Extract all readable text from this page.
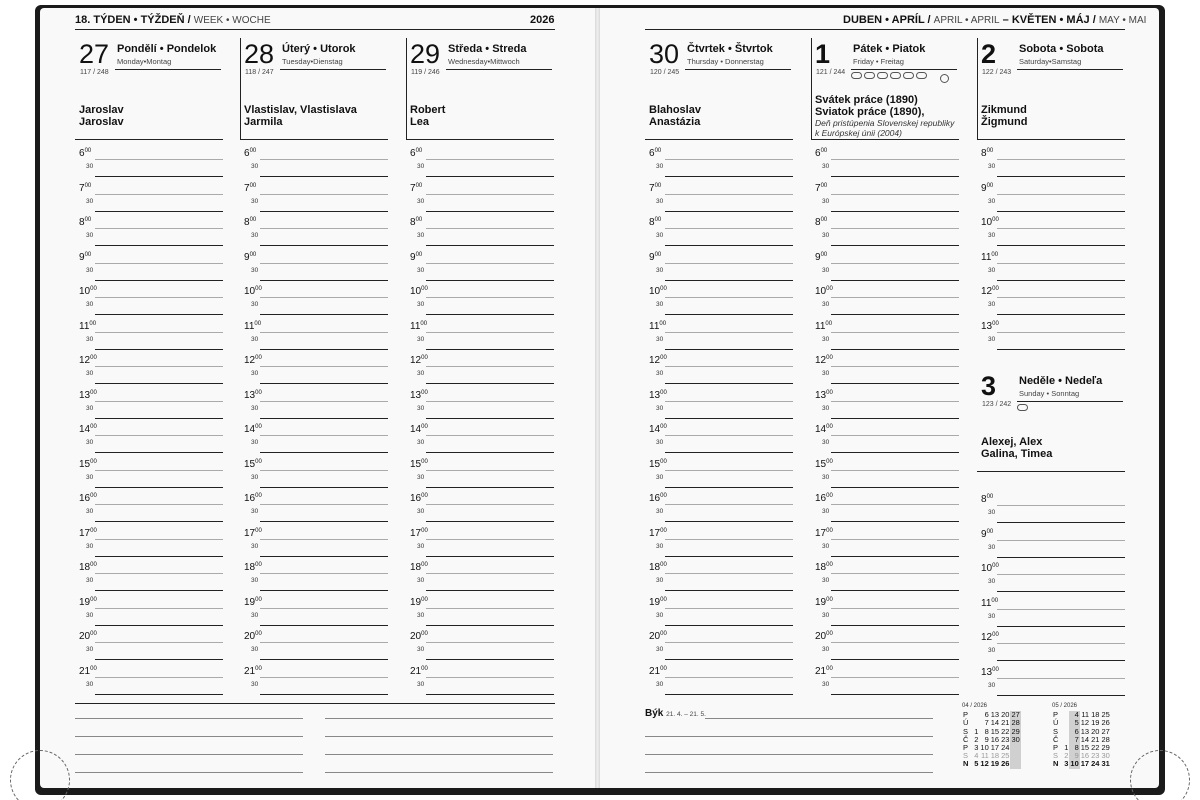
18. TÝDEN • TÝŽDEŇ / WEEK • WOCHE	2026	DUBEN • APRÍL / APRIL • APRIL – KVĚTEN • MÁJ / MAY • MAI
27
117 / 248
Pondělí • Pondelok
Monday•Montag
Jaroslav
Jaroslav
28
118 / 247
Úterý • Utorok
Tuesday•Dienstag
Vlastislav, Vlastislava
Jarmila
29
119 / 246
Středa • Streda
Wednesday•Mittwoch
Robert
Lea
30
120 / 245
Čtvrtek • Štvrtok
Thursday • Donnerstag
Blahoslav
Anastázia
1
121 / 244
Pátek • Piatok
Friday • Freitag
Svátek práce (1890)
Sviatok práce (1890),
Deň pristúpenia Slovenskej republiky k Európskej únii (2004)
2
122 / 243
Sobota • Sobota
Saturday•Samstag
Zikmund
Žigmund
3
123 / 242
Neděle • Nedeľa
Sunday • Sonntag
Alexej, Alex
Galina, Timea
$6^{00}$
30
$7^{00}$
30
$8^{00}$
30
$9^{00}$
30
$10^{00}$
30
$11^{00}$
30
$12^{00}$
30
$13^{00}$
30
$14^{00}$
30
$15^{00}$
30
$16^{00}$
30
$17^{00}$
30
$18^{00}$
30
$19^{00}$
30
$20^{00}$
30
$21^{00}$
30
$6^{00}$
30
$7^{00}$
30
$8^{00}$
30
$9^{00}$
30
$10^{00}$
30
$11^{00}$
30
$12^{00}$
30
$13^{00}$
30
$14^{00}$
30
$15^{00}$
30
$16^{00}$
30
$17^{00}$
30
$18^{00}$
30
$19^{00}$
30
$20^{00}$
30
$21^{00}$
30
$6^{00}$
30
$7^{00}$
30
$8^{00}$
30
$9^{00}$
30
$10^{00}$
30
$11^{00}$
30
$12^{00}$
30
$13^{00}$
30
$14^{00}$
30
$15^{00}$
30
$16^{00}$
30
$17^{00}$
30
$18^{00}$
30
$19^{00}$
30
$20^{00}$
30
$21^{00}$
30
$6^{00}$
30
$7^{00}$
30
$8^{00}$
30
$9^{00}$
30
$10^{00}$
30
$11^{00}$
30
$12^{00}$
30
$13^{00}$
30
$14^{00}$
30
$15^{00}$
30
$16^{00}$
30
$17^{00}$
30
$18^{00}$
30
$19^{00}$
30
$20^{00}$
30
$21^{00}$
30
$6^{00}$
30
$7^{00}$
30
$8^{00}$
30
$9^{00}$
30
$10^{00}$
30
$11^{00}$
30
$12^{00}$
30
$13^{00}$
30
$14^{00}$
30
$15^{00}$
30
$16^{00}$
30
$17^{00}$
30
$18^{00}$
30
$19^{00}$
30
$20^{00}$
30
$21^{00}$
30
$8^{00}$
30
$9^{00}$
30
$10^{00}$
30
$11^{00}$
30
$12^{00}$
30
$13^{00}$
30
$8^{00}$
30
$9^{00}$
30
$10^{00}$
30
$11^{00}$
30
$12^{00}$
30
$13^{00}$
30
Býk 21. 4. – 21. 5.
04 / 2026
P		6	13	20	27
Ú		7	14	21	28
S	1	8	15	22	29
Č	2	9	16	23	30
P	3	10	17	24	
S	4	11	18	25	
N	5	12	19	26	
05 / 2026
P		4	11	18	25
Ú		5	12	19	26
S		6	13	20	27
Č		7	14	21	28
P	1	8	15	22	29
S	2	9	16	23	30
N	3	10	17	24	31
